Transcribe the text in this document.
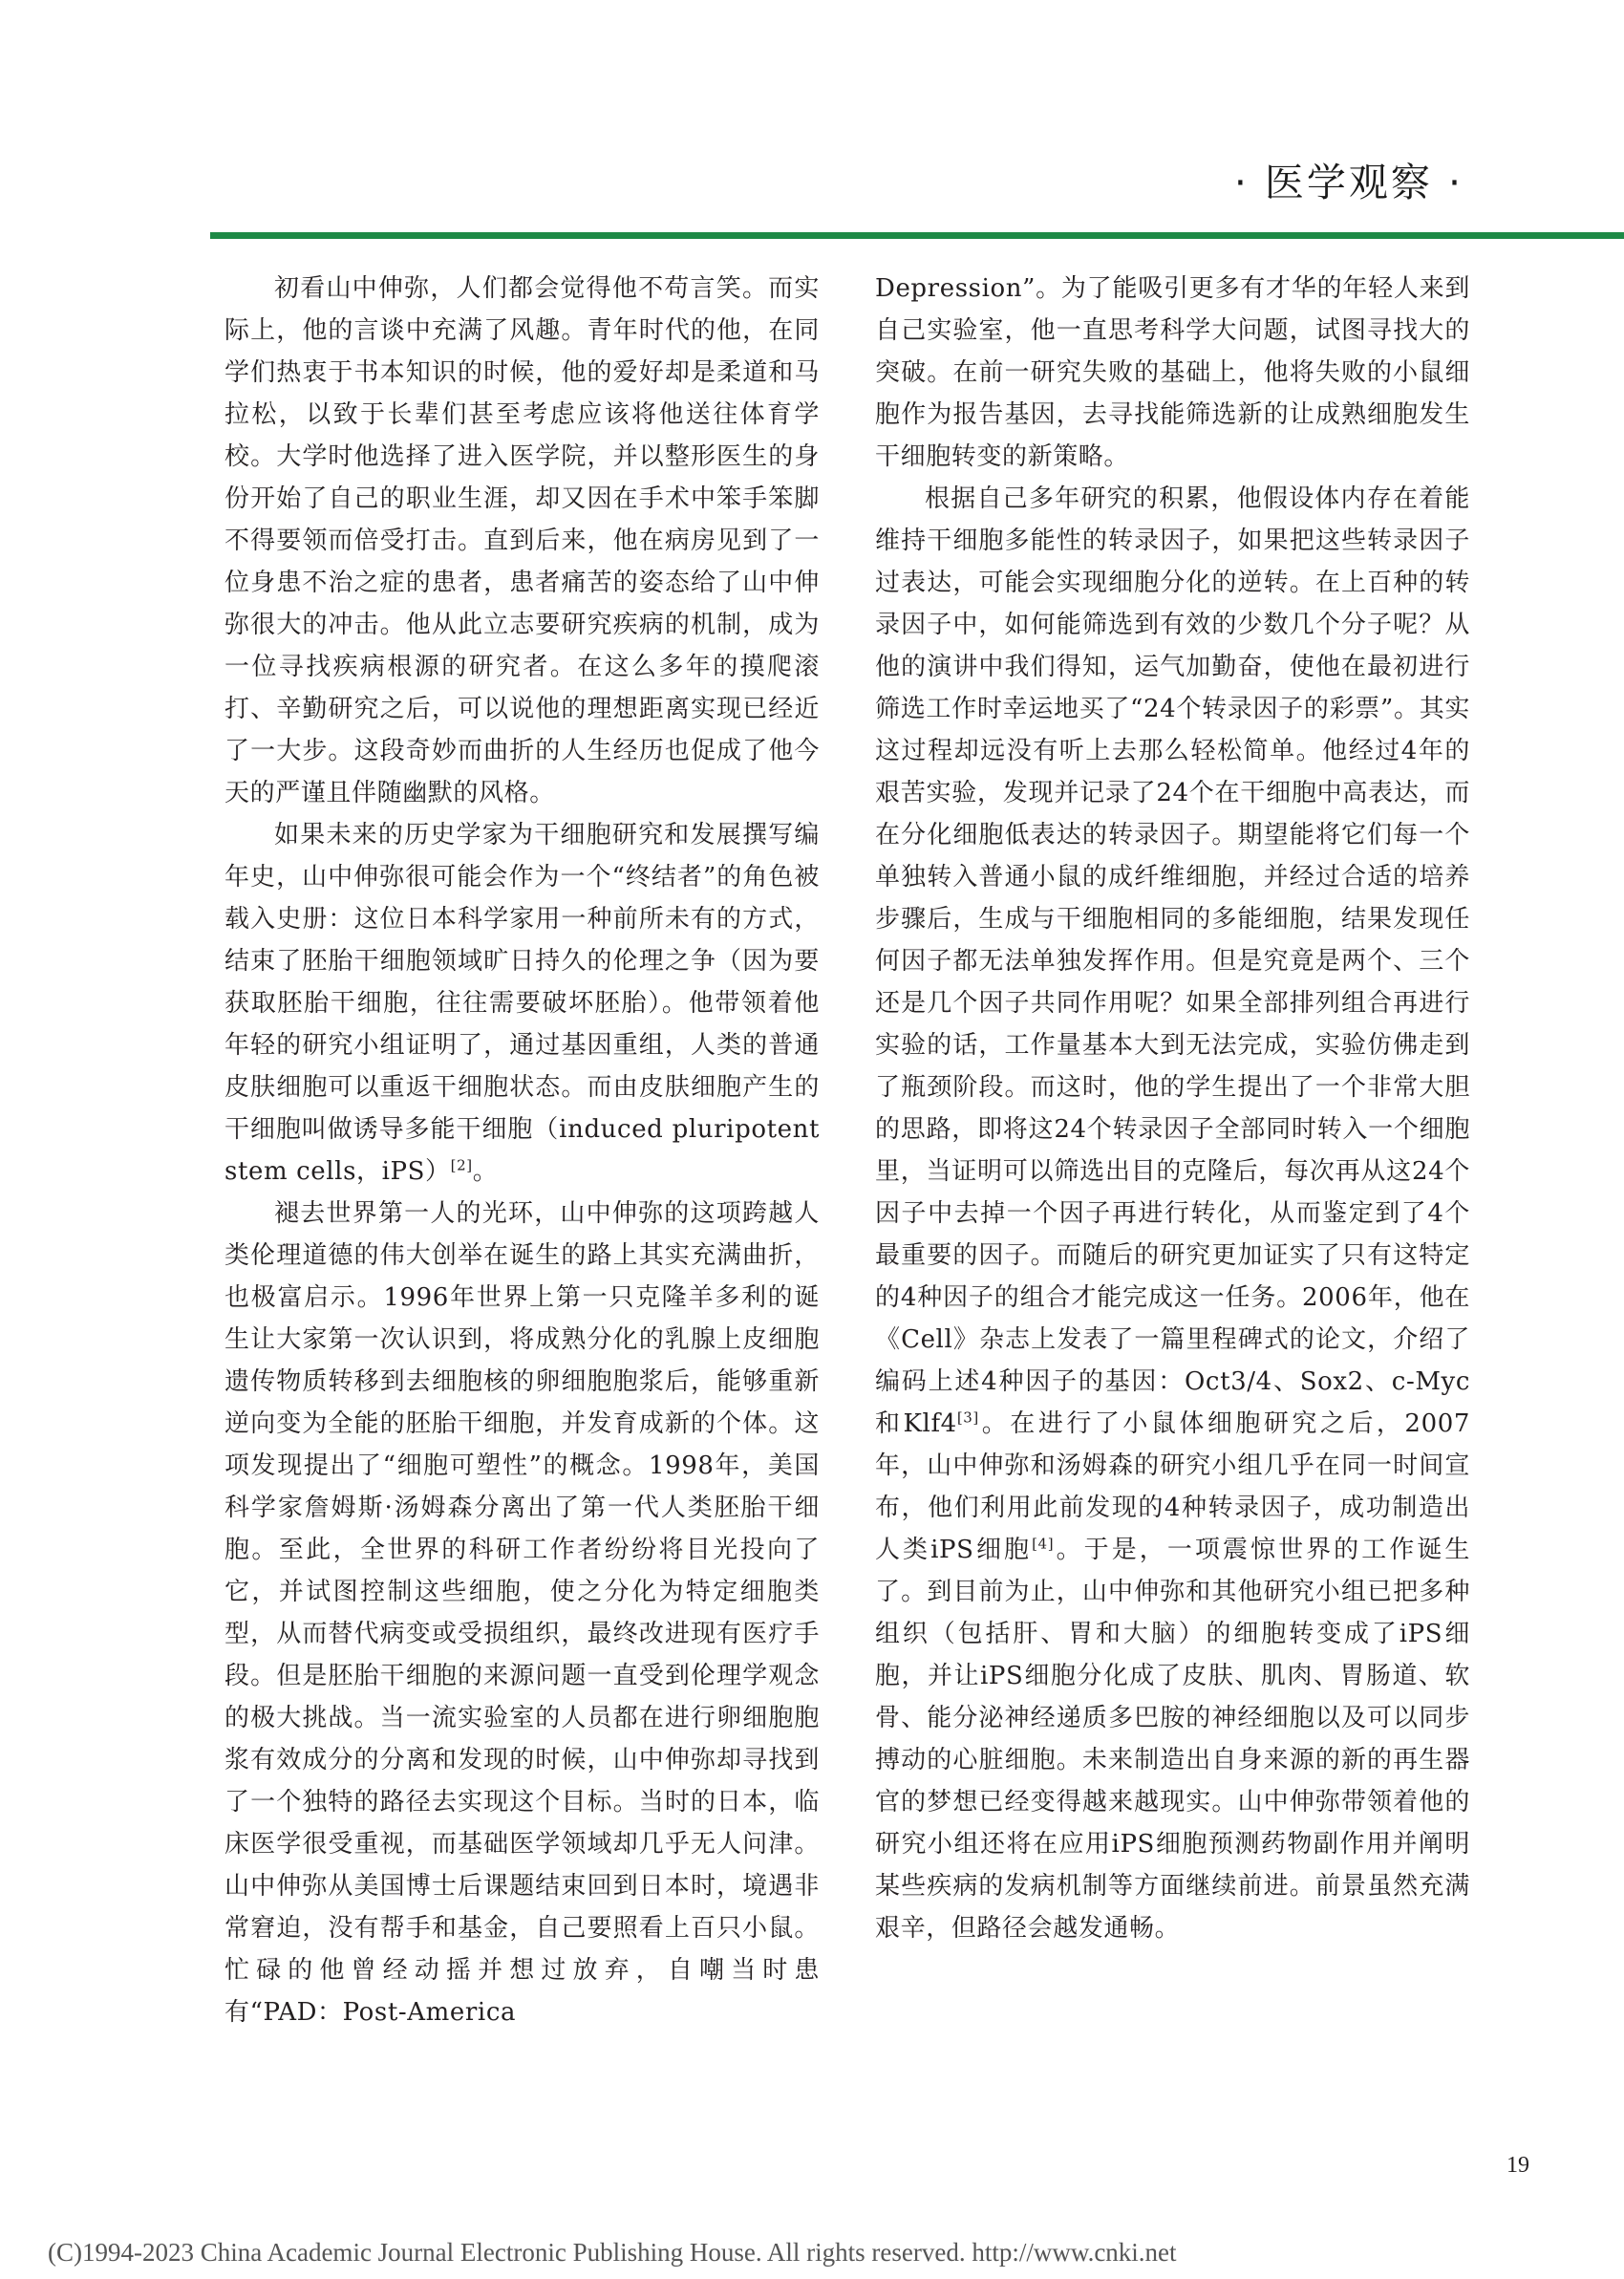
· 医学观察 ·

初看山中伸弥，人们都会觉得他不苟言笑。而实际上，他的言谈中充满了风趣。青年时代的他，在同学们热衷于书本知识的时候，他的爱好却是柔道和马拉松，以致于长辈们甚至考虑应该将他送往体育学校。大学时他选择了进入医学院，并以整形医生的身份开始了自己的职业生涯，却又因在手术中笨手笨脚不得要领而倍受打击。直到后来，他在病房见到了一位身患不治之症的患者，患者痛苦的姿态给了山中伸弥很大的冲击。他从此立志要研究疾病的机制，成为一位寻找疾病根源的研究者。在这么多年的摸爬滚打、辛勤研究之后，可以说他的理想距离实现已经近了一大步。这段奇妙而曲折的人生经历也促成了他今天的严谨且伴随幽默的风格。

如果未来的历史学家为干细胞研究和发展撰写编年史，山中伸弥很可能会作为一个“终结者”的角色被载入史册：这位日本科学家用一种前所未有的方式，结束了胚胎干细胞领域旷日持久的伦理之争（因为要获取胚胎干细胞，往往需要破坏胚胎）。他带领着他年轻的研究小组证明了，通过基因重组，人类的普通皮肤细胞可以重返干细胞状态。而由皮肤细胞产生的干细胞叫做诱导多能干细胞（induced pluripotent stem cells，iPS）[2]。

褪去世界第一人的光环，山中伸弥的这项跨越人类伦理道德的伟大创举在诞生的路上其实充满曲折，也极富启示。1996年世界上第一只克隆羊多利的诞生让大家第一次认识到，将成熟分化的乳腺上皮细胞遗传物质转移到去细胞核的卵细胞胞浆后，能够重新逆向变为全能的胚胎干细胞，并发育成新的个体。这项发现提出了“细胞可塑性”的概念。1998年，美国科学家詹姆斯·汤姆森分离出了第一代人类胚胎干细胞。至此，全世界的科研工作者纷纷将目光投向了它，并试图控制这些细胞，使之分化为特定细胞类型，从而替代病变或受损组织，最终改进现有医疗手段。但是胚胎干细胞的来源问题一直受到伦理学观念的极大挑战。当一流实验室的人员都在进行卵细胞胞浆有效成分的分离和发现的时候，山中伸弥却寻找到了一个独特的路径去实现这个目标。当时的日本，临床医学很受重视，而基础医学领域却几乎无人问津。山中伸弥从美国博士后课题结束回到日本时，境遇非常窘迫，没有帮手和基金，自己要照看上百只小鼠。忙碌的他曾经动摇并想过放弃，自嘲当时患有“PAD：Post-America

Depression”。为了能吸引更多有才华的年轻人来到自己实验室，他一直思考科学大问题，试图寻找大的突破。在前一研究失败的基础上，他将失败的小鼠细胞作为报告基因，去寻找能筛选新的让成熟细胞发生干细胞转变的新策略。

根据自己多年研究的积累，他假设体内存在着能维持干细胞多能性的转录因子，如果把这些转录因子过表达，可能会实现细胞分化的逆转。在上百种的转录因子中，如何能筛选到有效的少数几个分子呢？从他的演讲中我们得知，运气加勤奋，使他在最初进行筛选工作时幸运地买了“24个转录因子的彩票”。其实这过程却远没有听上去那么轻松简单。他经过4年的艰苦实验，发现并记录了24个在干细胞中高表达，而在分化细胞低表达的转录因子。期望能将它们每一个单独转入普通小鼠的成纤维细胞，并经过合适的培养步骤后，生成与干细胞相同的多能细胞，结果发现任何因子都无法单独发挥作用。但是究竟是两个、三个还是几个因子共同作用呢？如果全部排列组合再进行实验的话，工作量基本大到无法完成，实验仿佛走到了瓶颈阶段。而这时，他的学生提出了一个非常大胆的思路，即将这24个转录因子全部同时转入一个细胞里，当证明可以筛选出目的克隆后，每次再从这24个因子中去掉一个因子再进行转化，从而鉴定到了4个最重要的因子。而随后的研究更加证实了只有这特定的4种因子的组合才能完成这一任务。2006年，他在《Cell》杂志上发表了一篇里程碑式的论文，介绍了编码上述4种因子的基因：Oct3/4、Sox2、c-Myc和Klf4[3]。在进行了小鼠体细胞研究之后，2007年，山中伸弥和汤姆森的研究小组几乎在同一时间宣布，他们利用此前发现的4种转录因子，成功制造出人类iPS细胞[4]。于是，一项震惊世界的工作诞生了。到目前为止，山中伸弥和其他研究小组已把多种组织（包括肝、胃和大脑）的细胞转变成了iPS细胞，并让iPS细胞分化成了皮肤、肌肉、胃肠道、软骨、能分泌神经递质多巴胺的神经细胞以及可以同步搏动的心脏细胞。未来制造出自身来源的新的再生器官的梦想已经变得越来越现实。山中伸弥带领着他的研究小组还将在应用iPS细胞预测药物副作用并阐明某些疾病的发病机制等方面继续前进。前景虽然充满艰辛，但路径会越发通畅。

19
(C)1994-2023 China Academic Journal Electronic Publishing House. All rights reserved. http://www.cnki.net
